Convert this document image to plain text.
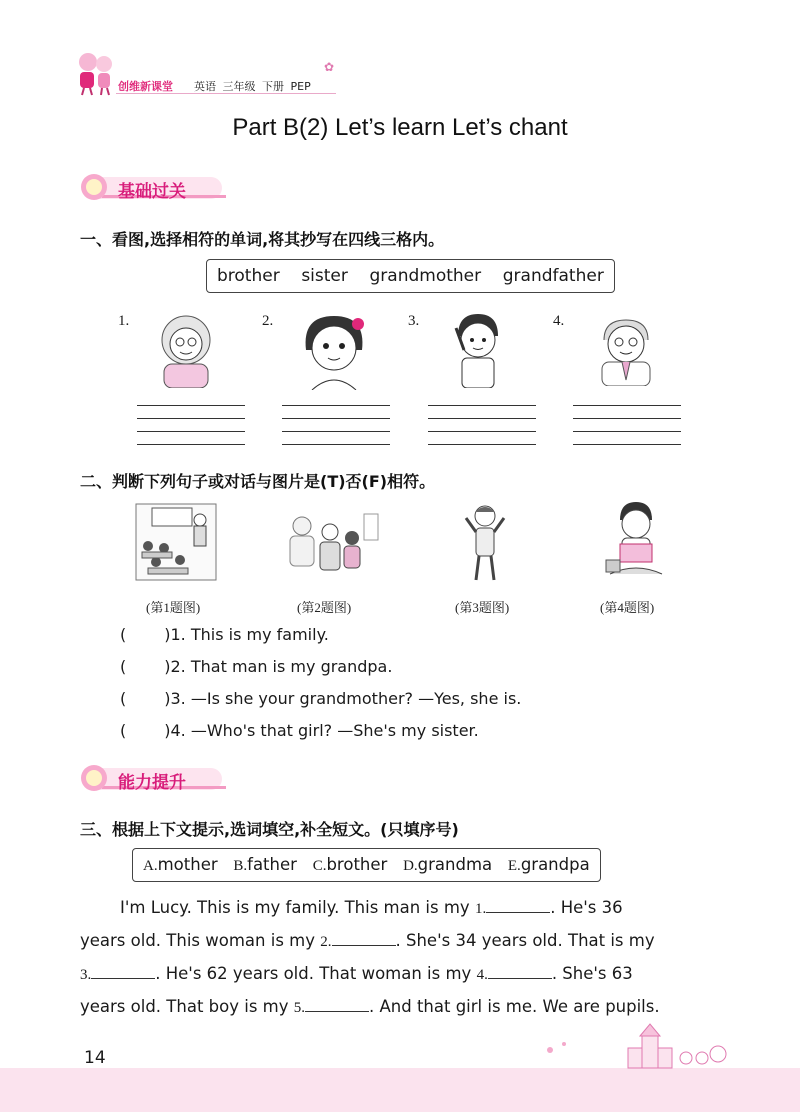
创维新课堂 英语 三年级 下册 PEP
✿
Part B(2) Let’s learn Let’s chant
基础过关
一、看图,选择相符的单词,将其抄写在四线三格内。
brother sister grandmother grandfather
1.	2.	3.	4.
二、判断下列句子或对话与图片是(T)否(F)相符。
(第1题图)	(第2题图)	(第3题图)	(第4题图)
( )1. This is my family.
( )2. That man is my grandpa.
( )3. —Is she your grandmother? —Yes, she is.
( )4. —Who's that girl? —She's my sister.
能力提升
三、根据上下文提示,选词填空,补全短文。(只填序号)
A.mother B.father C.brother D.grandma E.grandpa
I'm Lucy. This is my family. This man is my 1.	. He's 36
years old. This woman is my 2.	. She's 34 years old. That is my
3.	. He's 62 years old. That woman is my 4.	. She's 63
years old. That boy is my 5.	. And that girl is me. We are pupils.
14
